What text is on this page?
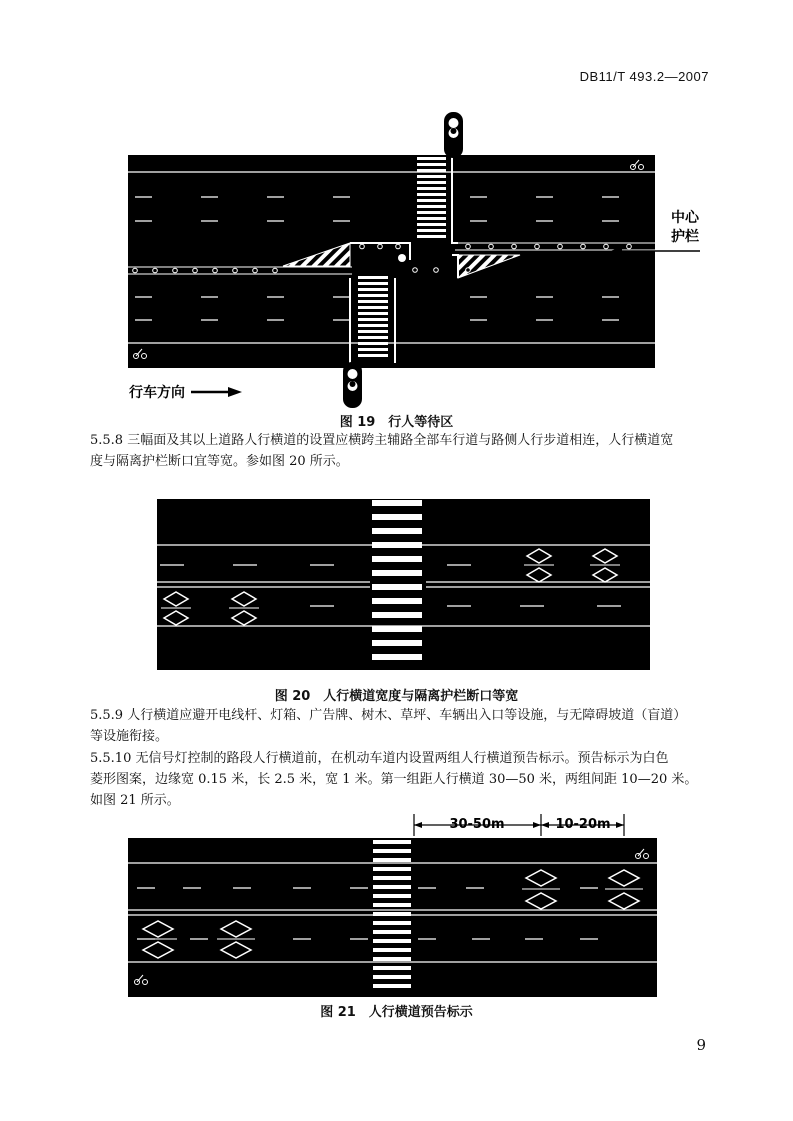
DB11/T 493.2—2007
中心
护栏
行车方向
图 19　行人等待区
5.5.8 三幅面及其以上道路人行横道的设置应横跨主辅路全部车行道与路侧人行步道相连，人行横道宽
度与隔离护栏断口宜等宽。参如图 20 所示。
图 20　人行横道宽度与隔离护栏断口等宽
5.5.9 人行横道应避开电线杆、灯箱、广告牌、树木、草坪、车辆出入口等设施，与无障碍坡道（盲道）
等设施衔接。
5.5.10 无信号灯控制的路段人行横道前，在机动车道内设置两组人行横道预告标示。预告标示为白色
菱形图案，边缘宽 0.15 米，长 2.5 米，宽 1 米。第一组距人行横道 30—50 米，两组间距 10—20 米。
如图 21 所示。
30-50m	10-20m
图 21　人行横道预告标示
9
